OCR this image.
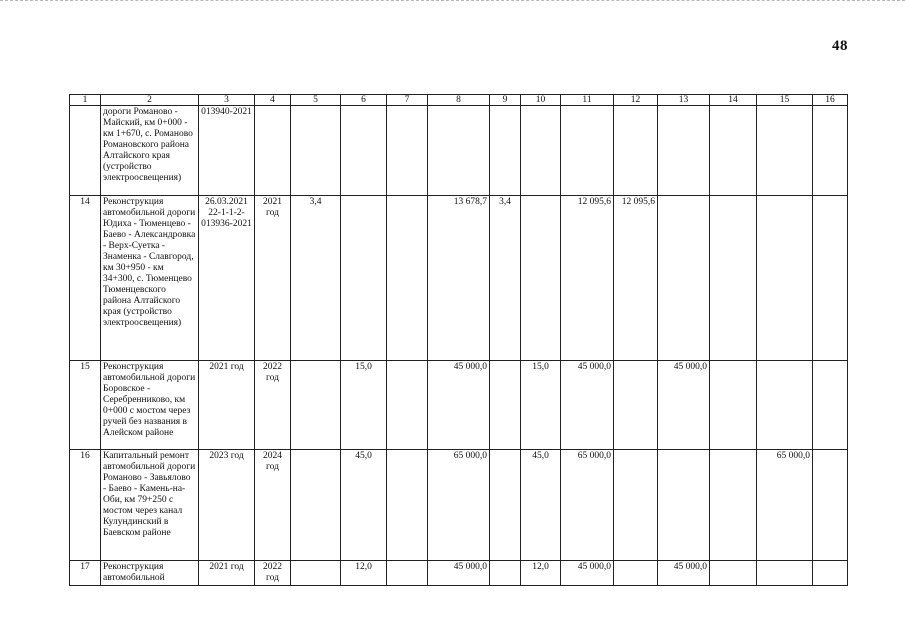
48
1	2	3	4	5	6	7	8	9	10	11	12	13	14	15	16
	дороги Романово - Майский, км 0+000 - км 1+670, с. Романово Романовского района Алтайского края (устройство электроосвещения)	013940-2021													
14	Реконструкция автомобильной дороги Юдиха - Тюменцево - Баево - Александровка - Верх-Суетка - Знаменка - Славгород, км 30+950 - км 34+300, с. Тюменцево Тюменцевского района Алтайского края (устройство электроосвещения)	26.03.2021 22-1-1-2-013936-2021	2021 год	3,4			13 678,7	3,4		12 095,6	12 095,6				
15	Реконструкция автомобильной дороги Боровское - Серебренниково, км 0+000 с мостом через ручей без названия в Алейском районе	2021 год	2022 год		15,0		45 000,0		15,0	45 000,0		45 000,0			
16	Капитальный ремонт автомобильной дороги Романово - Завьялово - Баево - Камень-на-Оби, км 79+250 с мостом через канал Кулундинский в Баевском районе	2023 год	2024 год		45,0		65 000,0		45,0	65 000,0				65 000,0	
17	Реконструкция автомобильной	2021 год	2022 год		12,0		45 000,0		12,0	45 000,0		45 000,0			
